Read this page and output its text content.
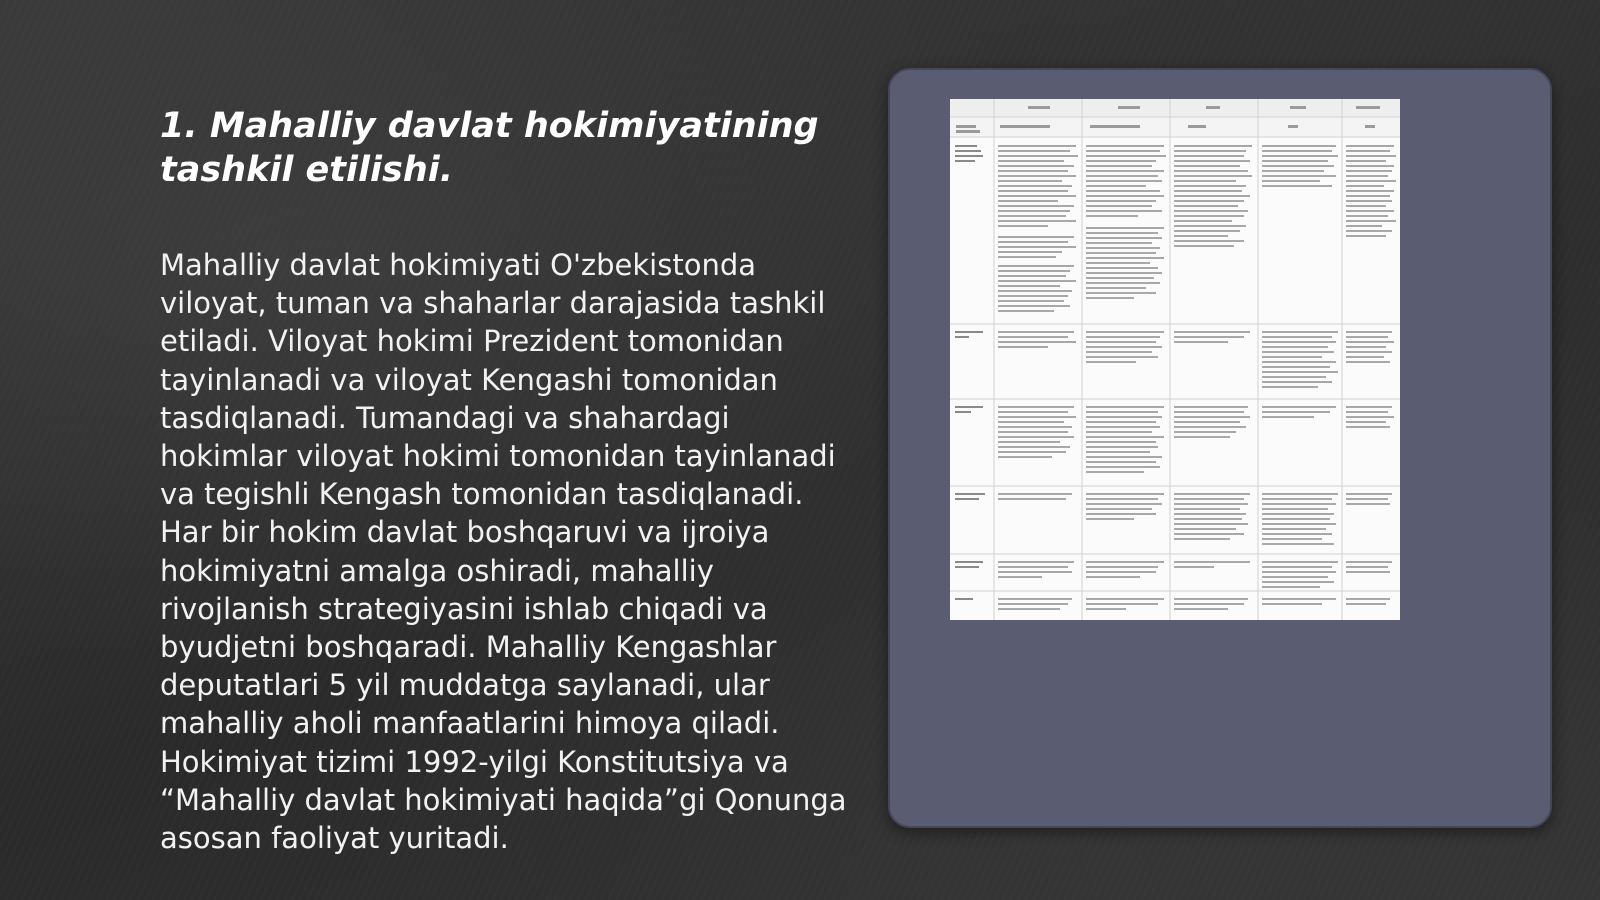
1. Mahalliy davlat hokimiyatining tashkil etilishi.

Mahalliy davlat hokimiyati O'zbekistonda viloyat, tuman va shaharlar darajasida tashkil etiladi. Viloyat hokimi Prezident tomonidan tayinlanadi va viloyat Kengashi tomonidan tasdiqlanadi. Tumandagi va shahardagi hokimlar viloyat hokimi tomonidan tayinlanadi va tegishli Kengash tomonidan tasdiqlanadi. Har bir hokim davlat boshqaruvi va ijroiya hokimiyatni amalga oshiradi, mahalliy rivojlanish strategiyasini ishlab chiqadi va byudjetni boshqaradi. Mahalliy Kengashlar deputatlari 5 yil muddatga saylanadi, ular mahalliy aholi manfaatlarini himoya qiladi. Hokimiyat tizimi 1992-yilgi Konstitutsiya va “Mahalliy davlat hokimiyati haqida”gi Qonunga asosan faoliyat yuritadi.
